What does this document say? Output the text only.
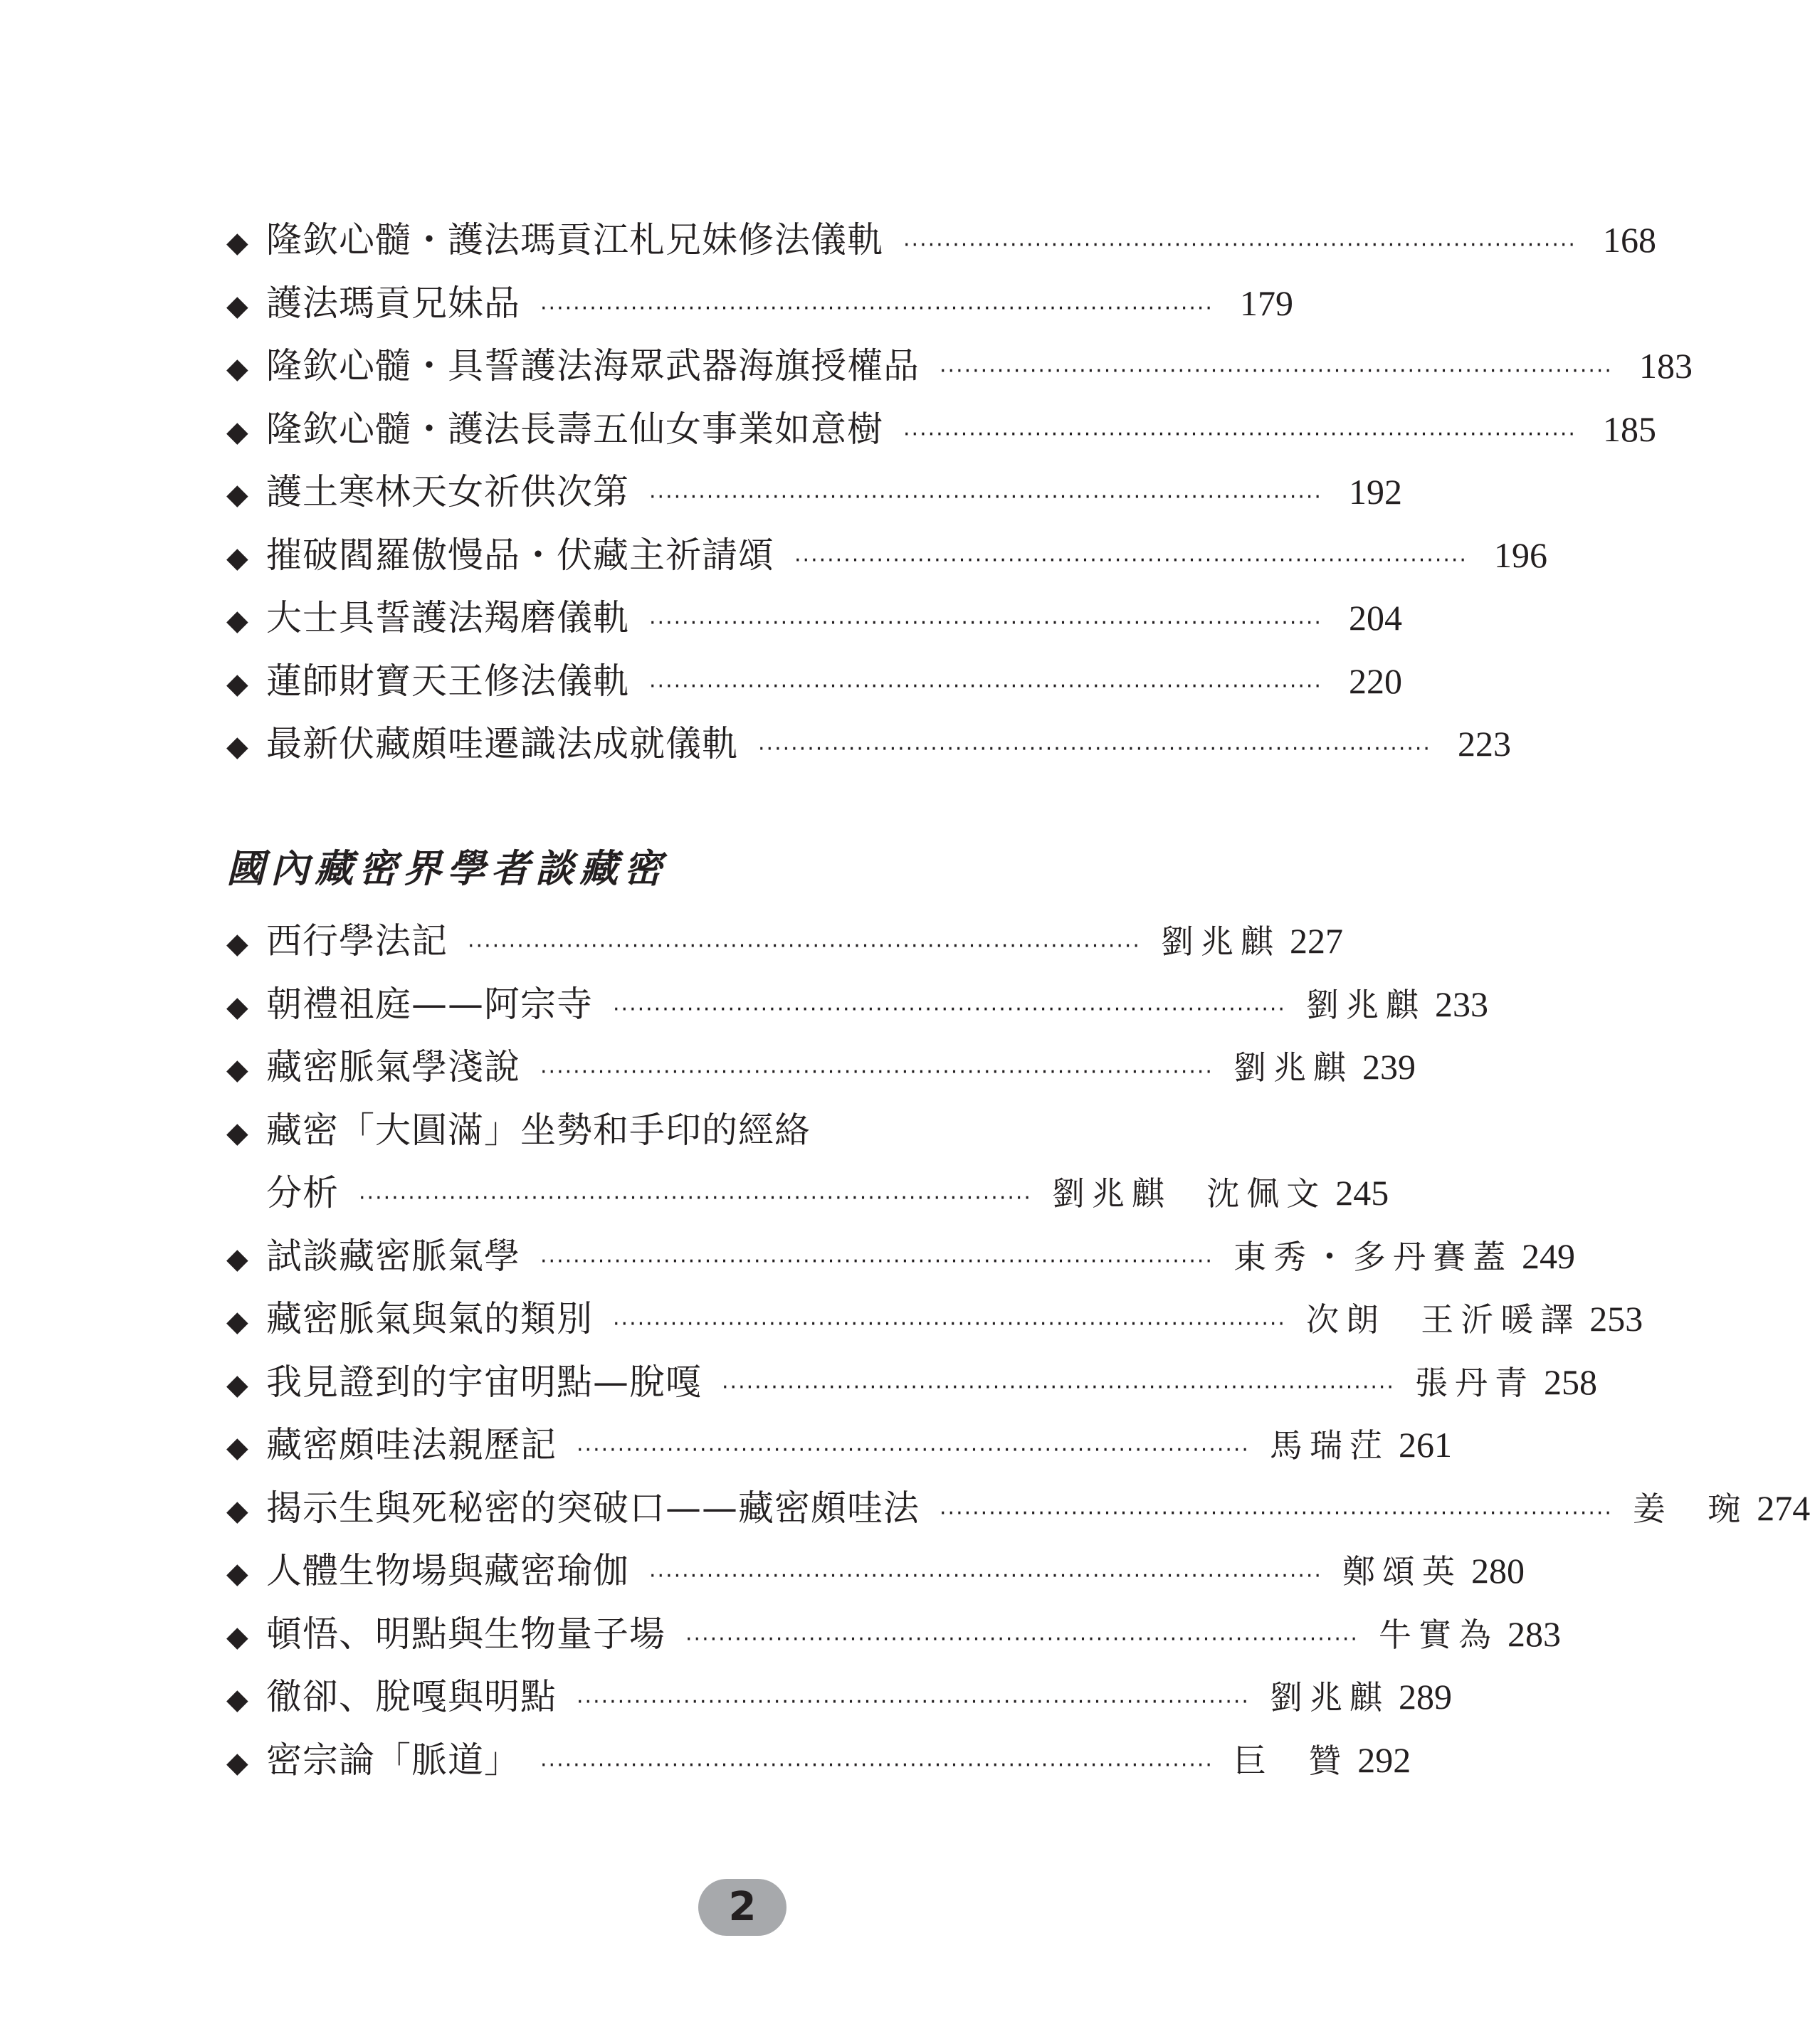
◆ 隆欽心髓・護法瑪貢江札兄妹修法儀軌 ·················································································· 168
◆ 護法瑪貢兄妹品 ·················································································· 179
◆ 隆欽心髓・具誓護法海眾武器海旗授權品 ·················································································· 183
◆ 隆欽心髓・護法長壽五仙女事業如意樹 ·················································································· 185
◆ 護土寒林天女祈供次第 ·················································································· 192
◆ 摧破閻羅傲慢品・伏藏主祈請頌 ·················································································· 196
◆ 大士具誓護法羯磨儀軌 ·················································································· 204
◆ 蓮師財寶天王修法儀軌 ·················································································· 220
◆ 最新伏藏頗哇遷識法成就儀軌 ·················································································· 223
國內藏密界學者談藏密
◆ 西行學法記 ·················································································· 劉兆麒 227
◆ 朝禮祖庭——阿宗寺 ·················································································· 劉兆麒 233
◆ 藏密脈氣學淺說 ·················································································· 劉兆麒 239
◆ 藏密「大圓滿」坐勢和手印的經絡
分析 ·················································································· 劉兆麒  沈佩文 245
◆ 試談藏密脈氣學 ·················································································· 東秀・多丹賽蓋 249
◆ 藏密脈氣與氣的類別 ·················································································· 次朗  王沂暖譯 253
◆ 我見證到的宇宙明點—脫嘎 ·················································································· 張丹青 258
◆ 藏密頗哇法親歷記 ·················································································· 馬瑞茳 261
◆ 揭示生與死秘密的突破口——藏密頗哇法 ·················································································· 姜  琬 274
◆ 人體生物場與藏密瑜伽 ·················································································· 鄭頌英 280
◆ 頓悟、明點與生物量子場 ·················································································· 牛實為 283
◆ 徹卻、脫嘎與明點 ·················································································· 劉兆麒 289
◆ 密宗論「脈道」 ·················································································· 巨  贊 292
2
